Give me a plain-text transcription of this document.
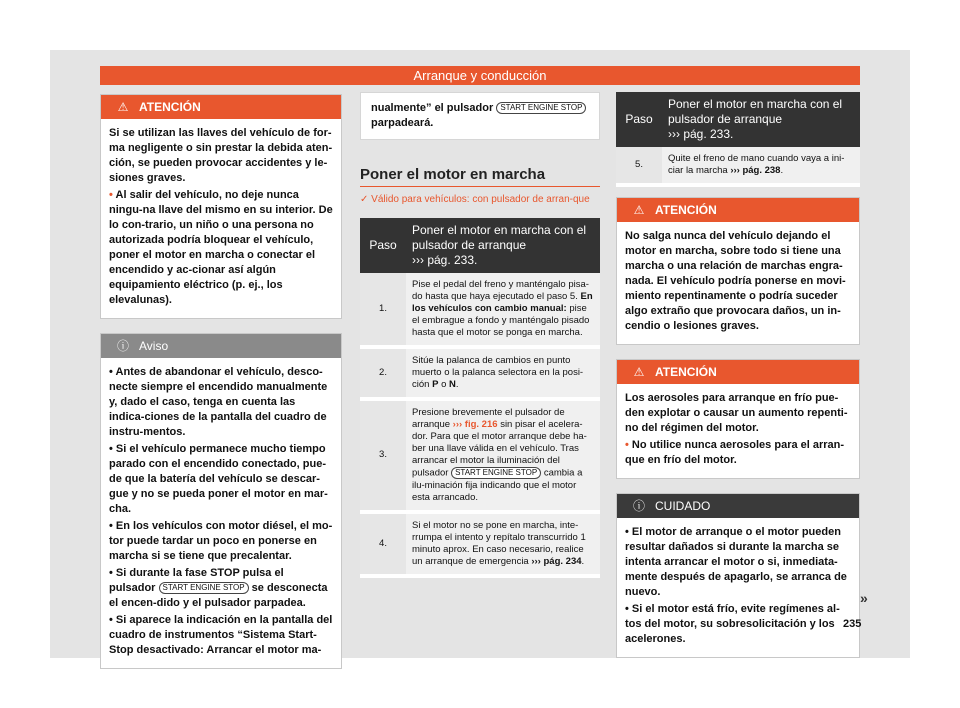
Arranque y conducción
⚠ ATENCIÓN

Si se utilizan las llaves del vehículo de for-ma negligente o sin prestar la debida aten-ción, se pueden provocar accidentes y le-siones graves.

• Al salir del vehículo, no deje nunca ningu-na llave del mismo en su interior. De lo con-trario, un niño o una persona no autorizada podría bloquear el vehículo, poner el motor en marcha o conectar el encendido y ac-cionar así algún equipamiento eléctrico (p. ej., los elevalunas).

ⓘ Aviso

• Antes de abandonar el vehículo, desco-necte siempre el encendido manualmente y, dado el caso, tenga en cuenta las indica-ciones de la pantalla del cuadro de instru-mentos.

• Si el vehículo permanece mucho tiempo parado con el encendido conectado, pue-de que la batería del vehículo se descar-gue y no se pueda poner el motor en mar-cha.

• En los vehículos con motor diésel, el mo-tor puede tardar un poco en ponerse en marcha si se tiene que precalentar.

• Si durante la fase STOP pulsa el pulsador START ENGINE STOP se desconecta el encen-dido y el pulsador parpadea.

• Si aparece la indicación en la pantalla del cuadro de instrumentos “Sistema Start-Stop desactivado: Arrancar el motor ma-

nualmente” el pulsador START ENGINE STOP parpadeará.
Poner el motor en marcha
✓ Válido para vehículos: con pulsador de arran-que
Paso	Poner el motor en marcha con el pulsador de arranque
››› pág. 233.
1.	Pise el pedal del freno y manténgalo pisa-do hasta que haya ejecutado el paso 5. En los vehículos con cambio manual: pise el embrague a fondo y manténgalo pisado hasta que el motor se ponga en marcha.
2.	Sitúe la palanca de cambios en punto muerto o la palanca selectora en la posi-ción P o N.
3.	Presione brevemente el pulsador de arranque ››› fig. 216 sin pisar el acelera-dor. Para que el motor arranque debe ha-ber una llave válida en el vehículo. Tras arrancar el motor la iluminación del pulsador START ENGINE STOP cambia a ilu-minación fija indicando que el motor esta arrancado.
4.	Si el motor no se pone en marcha, inte-rrumpa el intento y repítalo transcurrido 1 minuto aprox. En caso necesario, realice un arranque de emergencia ››› pág. 234.
Paso	Poner el motor en marcha con el pulsador de arranque
››› pág. 233.
5.	Quite el freno de mano cuando vaya a ini-ciar la marcha ››› pág. 238.
⚠ ATENCIÓN

No salga nunca del vehículo dejando el motor en marcha, sobre todo si tiene una marcha o una relación de marchas engra-nada. El vehículo podría ponerse en movi-miento repentinamente o podría suceder algo extraño que provocara daños, un in-cendio o lesiones graves.

⚠ ATENCIÓN

Los aerosoles para arranque en frío pue-den explotar o causar un aumento repenti-no del régimen del motor.

• No utilice nunca aerosoles para el arran-que en frío del motor.

ⓘ CUIDADO

• El motor de arranque o el motor pueden resultar dañados si durante la marcha se intenta arrancar el motor o si, inmediata-mente después de apagarlo, se arranca de nuevo.

• Si el motor está frío, evite regímenes al-tos del motor, su sobresolicitación y los acelerones.

»
235
